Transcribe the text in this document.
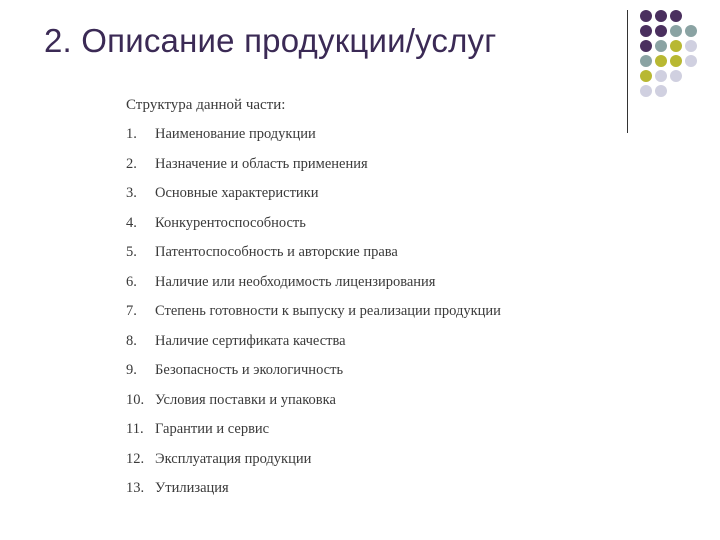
2. Описание продукции/услуг
Структура данной части:
1.	Наименование продукции
2.	Назначение и область применения
3.	Основные характеристики
4.	Конкурентоспособность
5.	Патентоспособность и авторские права
6.	Наличие или необходимость лицензирования
7.	Степень готовности к выпуску и реализации продукции
8.	Наличие сертификата качества
9.	Безопасность и экологичность
10. Условия поставки и упаковка
11. Гарантии и сервис
12. Эксплуатация продукции
13. Утилизация
